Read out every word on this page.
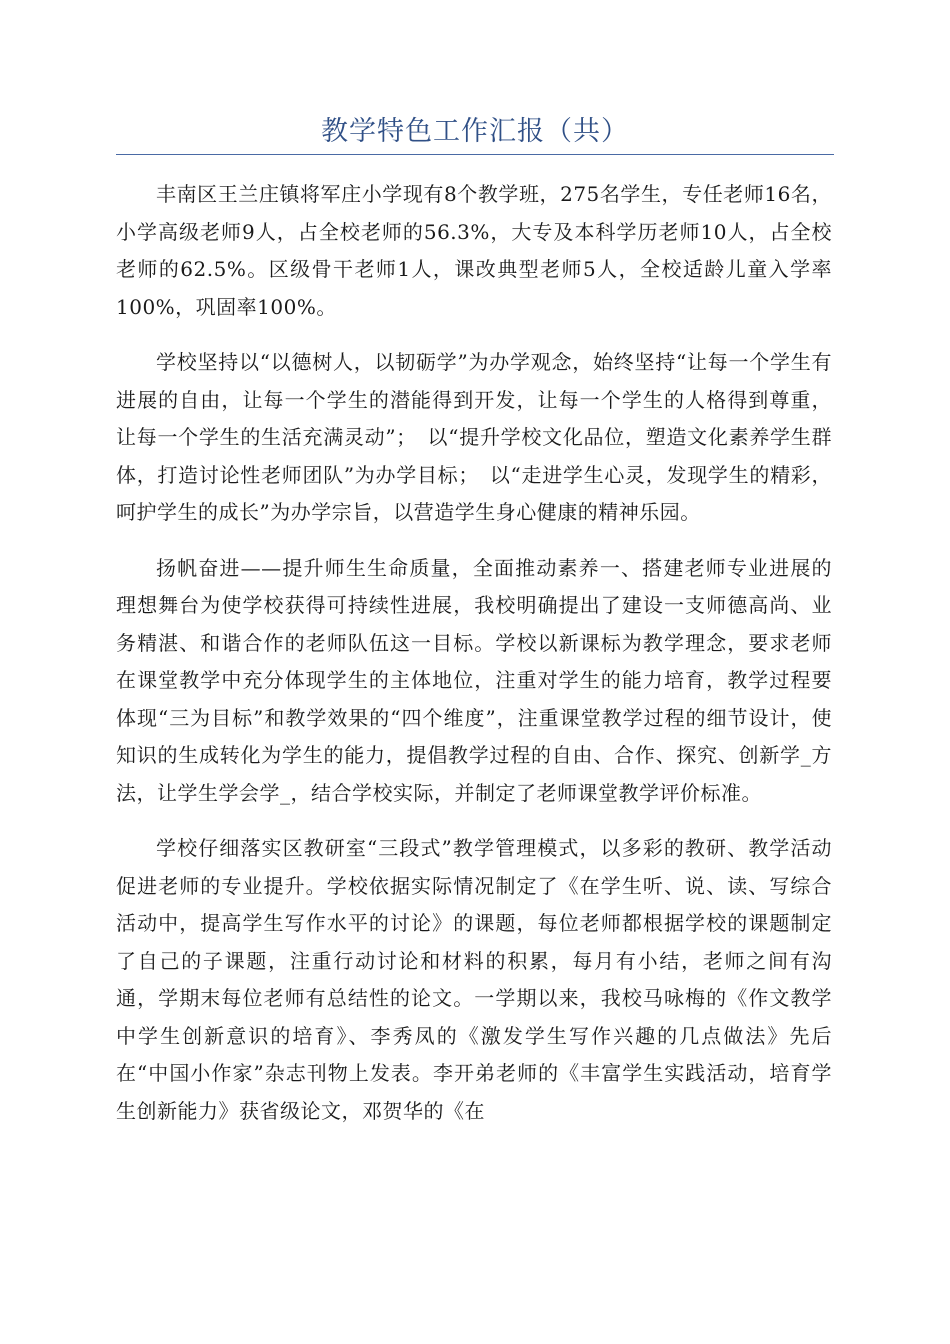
教学特色工作汇报（共）

丰南区王兰庄镇将军庄小学现有8个教学班，275名学生，专任老师16名，小学高级老师9人，占全校老师的56.3%，大专及本科学历老师10人，占全校老师的62.5%。区级骨干老师1人，课改典型老师5人，全校适龄儿童入学率100%，巩固率100%。

学校坚持以“以德树人，以韧砺学”为办学观念，始终坚持“让每一个学生有进展的自由，让每一个学生的潜能得到开发，让每一个学生的人格得到尊重，让每一个学生的生活充满灵动”；　以“提升学校文化品位，塑造文化素养学生群体，打造讨论性老师团队”为办学目标；　以“走进学生心灵，发现学生的精彩，呵护学生的成长”为办学宗旨，以营造学生身心健康的精神乐园。

扬帆奋进——提升师生生命质量，全面推动素养一、搭建老师专业进展的理想舞台为使学校获得可持续性进展，我校明确提出了建设一支师德高尚、业务精湛、和谐合作的老师队伍这一目标。学校以新课标为教学理念，要求老师在课堂教学中充分体现学生的主体地位，注重对学生的能力培育，教学过程要体现“三为目标”和教学效果的“四个维度”，注重课堂教学过程的细节设计，使知识的生成转化为学生的能力，提倡教学过程的自由、合作、探究、创新学_方法，让学生学会学_，结合学校实际，并制定了老师课堂教学评价标准。

学校仔细落实区教研室“三段式”教学管理模式，以多彩的教研、教学活动促进老师的专业提升。学校依据实际情况制定了《在学生听、说、读、写综合活动中，提高学生写作水平的讨论》的课题，每位老师都根据学校的课题制定了自己的子课题，注重行动讨论和材料的积累，每月有小结，老师之间有沟通，学期末每位老师有总结性的论文。一学期以来，我校马咏梅的《作文教学中学生创新意识的培育》、李秀凤的《激发学生写作兴趣的几点做法》先后在“中国小作家”杂志刊物上发表。李开弟老师的《丰富学生实践活动，培育学生创新能力》获省级论文，邓贺华的《在
